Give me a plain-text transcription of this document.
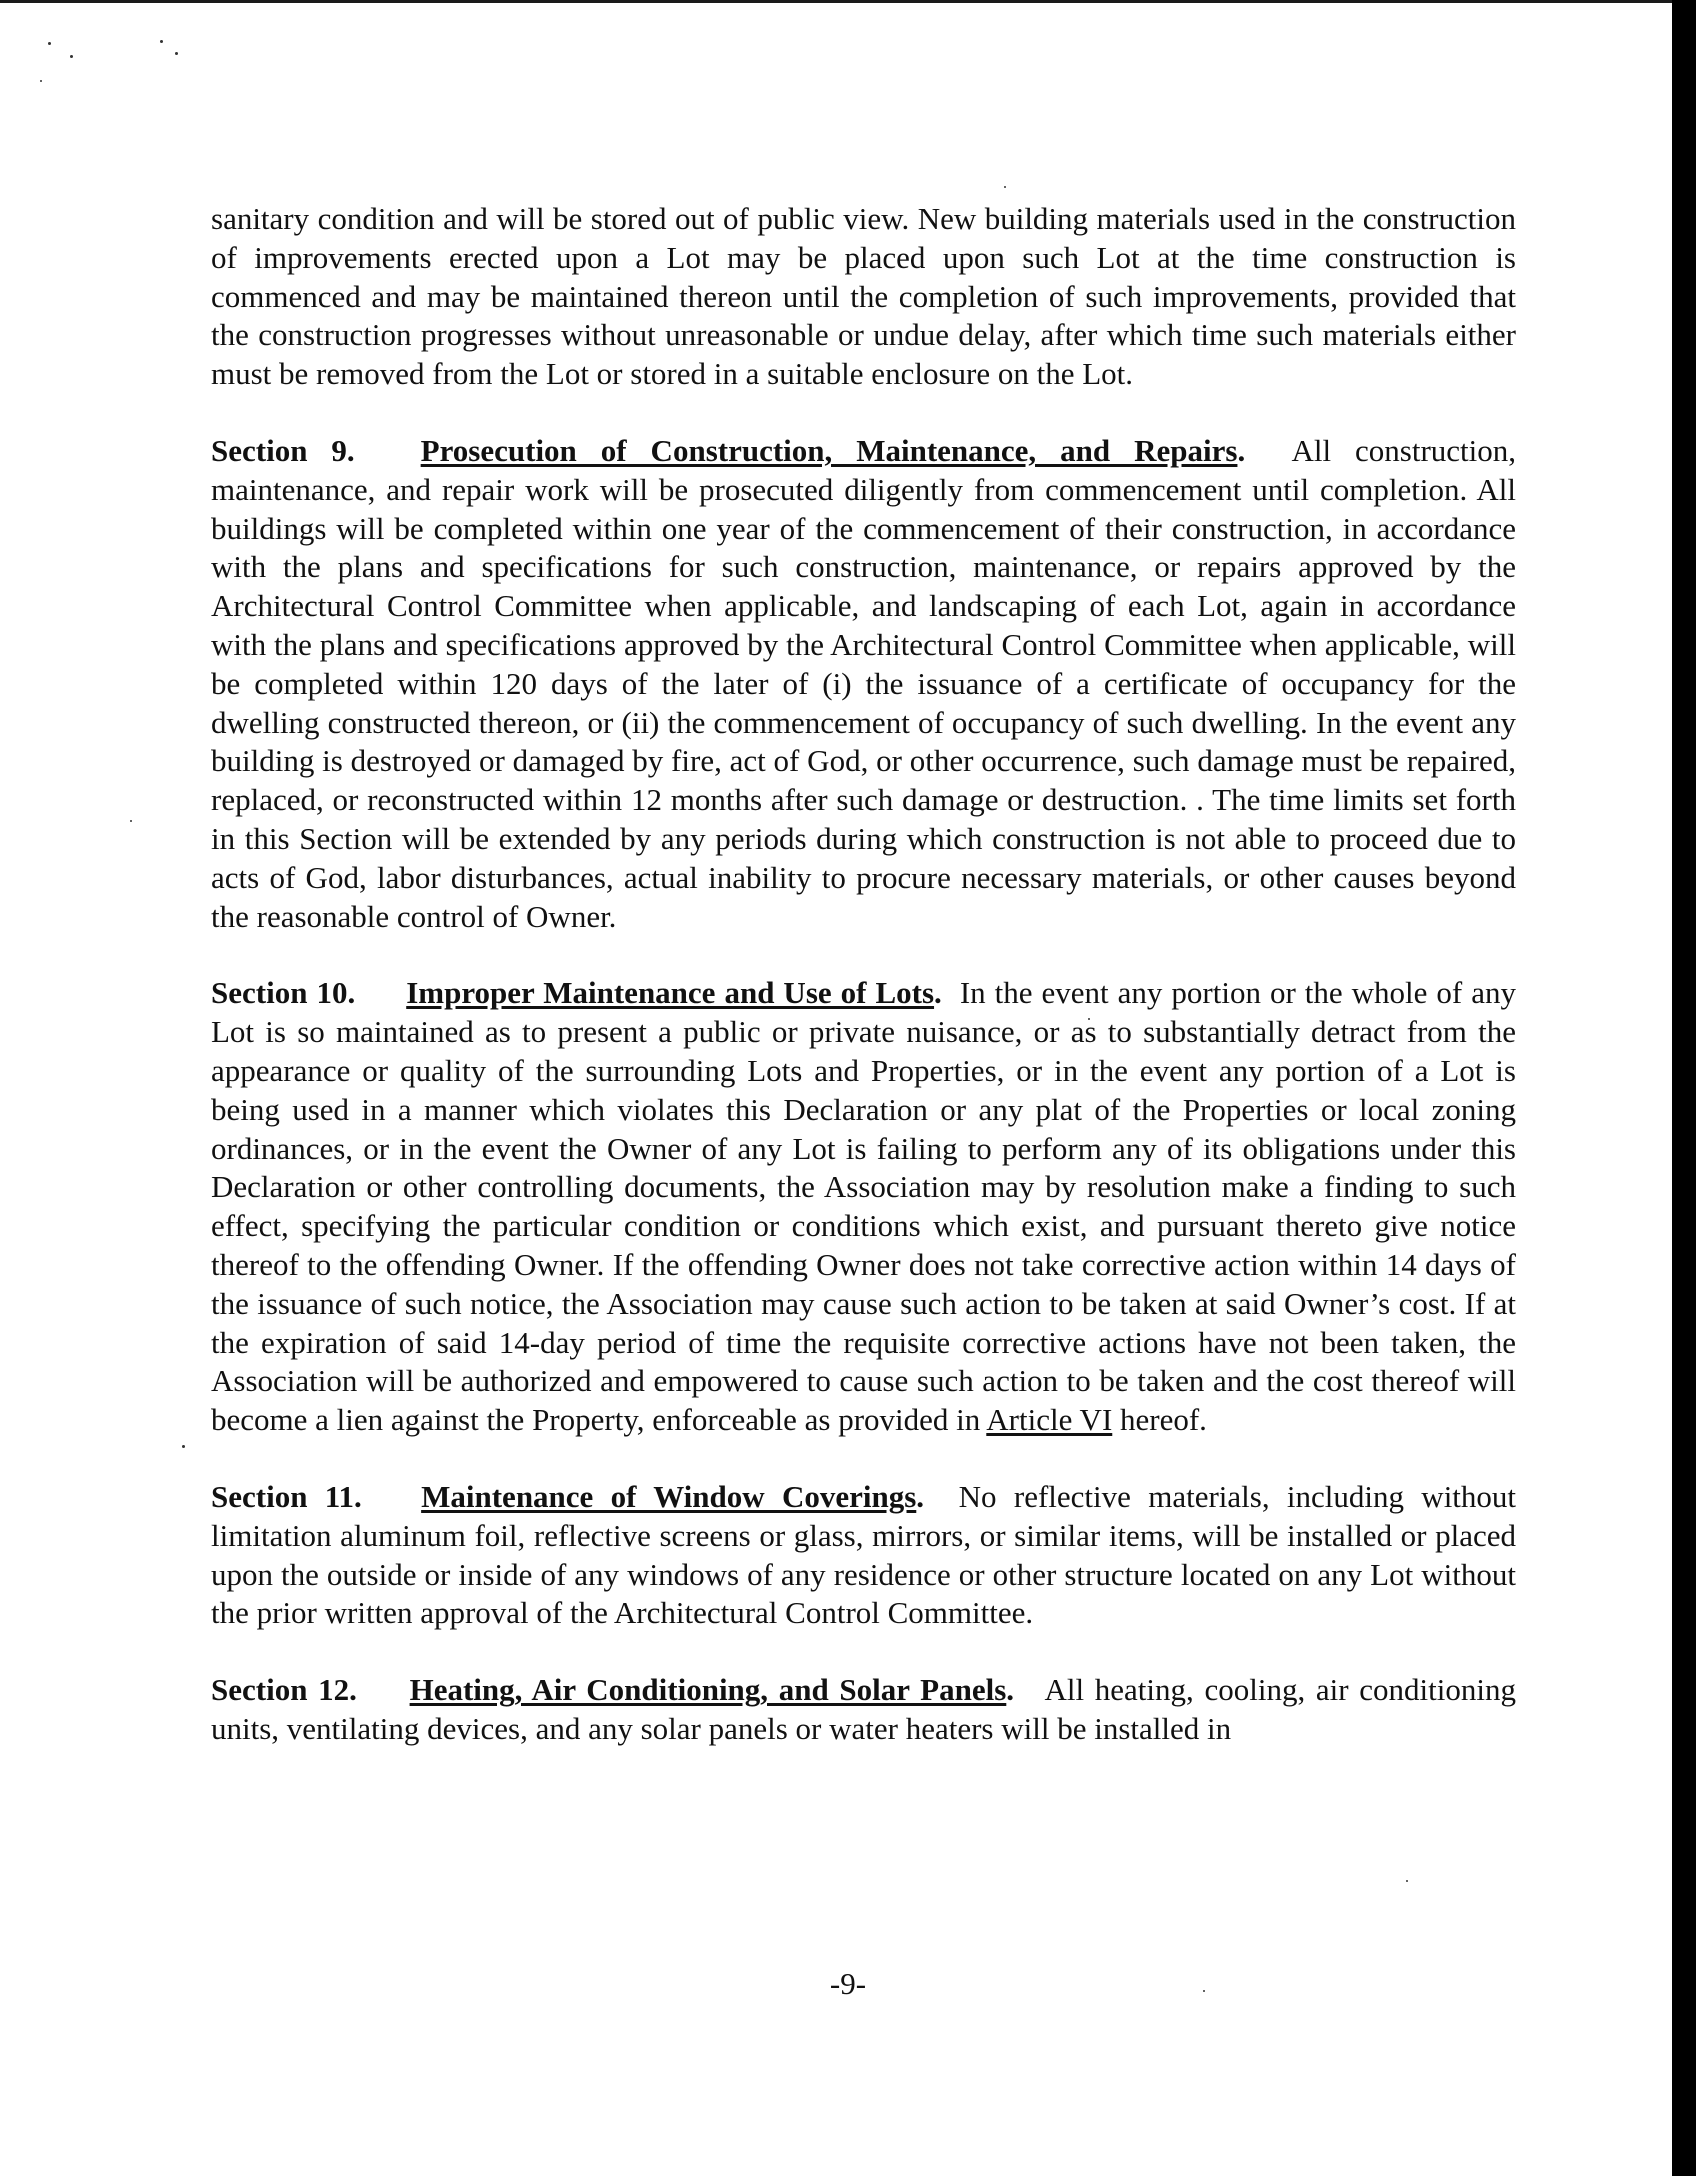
sanitary condition and will be stored out of public view. New building materials used in the construction of improvements erected upon a Lot may be placed upon such Lot at the time construction is commenced and may be maintained thereon until the completion of such improvements, provided that the construction progresses without unreasonable or undue delay, after which time such materials either must be removed from the Lot or stored in a suitable enclosure on the Lot.

Section 9. Prosecution of Construction, Maintenance, and Repairs. All construction, maintenance, and repair work will be prosecuted diligently from commencement until completion. All buildings will be completed within one year of the commencement of their construction, in accordance with the plans and specifications for such construction, maintenance, or repairs approved by the Architectural Control Committee when applicable, and landscaping of each Lot, again in accordance with the plans and specifications approved by the Architectural Control Committee when applicable, will be completed within 120 days of the later of (i) the issuance of a certificate of occupancy for the dwelling constructed thereon, or (ii) the commencement of occupancy of such dwelling. In the event any building is destroyed or damaged by fire, act of God, or other occurrence, such damage must be repaired, replaced, or reconstructed within 12 months after such damage or destruction. . The time limits set forth in this Section will be extended by any periods during which construction is not able to proceed due to acts of God, labor disturbances, actual inability to procure necessary materials, or other causes beyond the reasonable control of Owner.

Section 10. Improper Maintenance and Use of Lots. In the event any portion or the whole of any Lot is so maintained as to present a public or private nuisance, or as to substantially detract from the appearance or quality of the surrounding Lots and Properties, or in the event any portion of a Lot is being used in a manner which violates this Declaration or any plat of the Properties or local zoning ordinances, or in the event the Owner of any Lot is failing to perform any of its obligations under this Declaration or other controlling documents, the Association may by resolution make a finding to such effect, specifying the particular condition or conditions which exist, and pursuant thereto give notice thereof to the offending Owner. If the offending Owner does not take corrective action within 14 days of the issuance of such notice, the Association may cause such action to be taken at said Owner’s cost. If at the expiration of said 14-day period of time the requisite corrective actions have not been taken, the Association will be authorized and empowered to cause such action to be taken and the cost thereof will become a lien against the Property, enforceable as provided in Article VI hereof.

Section 11. Maintenance of Window Coverings. No reflective materials, including without limitation aluminum foil, reflective screens or glass, mirrors, or similar items, will be installed or placed upon the outside or inside of any windows of any residence or other structure located on any Lot without the prior written approval of the Architectural Control Committee.

Section 12. Heating, Air Conditioning, and Solar Panels. All heating, cooling, air conditioning units, ventilating devices, and any solar panels or water heaters will be installed in

-9-
